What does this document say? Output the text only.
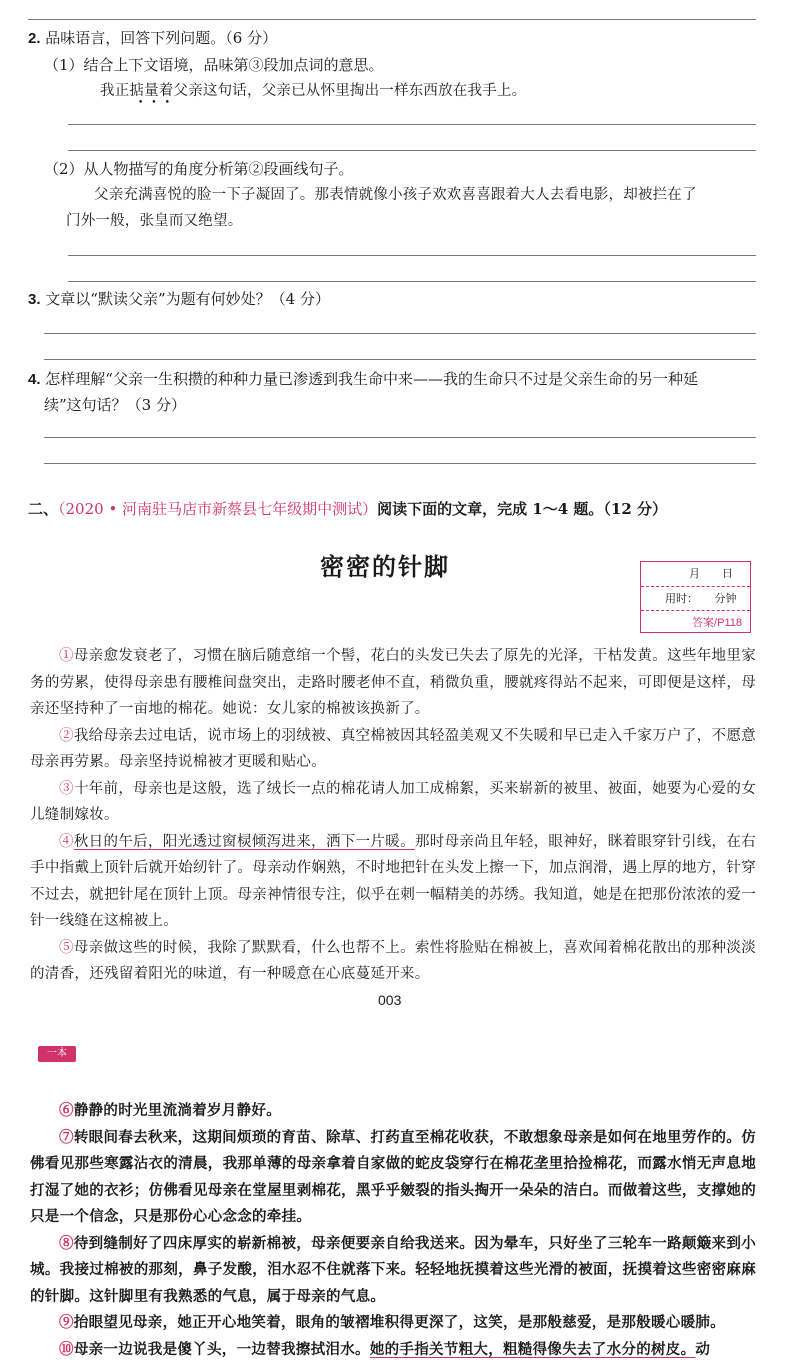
2. 品味语言，回答下列问题。（6 分）
（1）结合上下文语境，品味第③段加点词的意思。
我正掂量着父亲这句话，父亲已从怀里掏出一样东西放在我手上。
•••
（2）从人物描写的角度分析第②段画线句子。
父亲充满喜悦的脸一下子凝固了。那表情就像小孩子欢欢喜喜跟着大人去看电影，却被拦在了
门外一般，张皇而又绝望。
3. 文章以“默读父亲”为题有何妙处？（4 分）
4. 怎样理解“父亲一生积攒的种种力量已渗透到我生命中来——我的生命只不过是父亲生命的另一种延
续”这句话？（3 分）
二、（2020 • 河南驻马店市新蔡县七年级期中测试）阅读下面的文章，完成 1～4 题。（12 分）
密密的针脚	月　　日
用时：　　分钟
答案/P118
①母亲愈发衰老了，习惯在脑后随意绾一个髻，花白的头发已失去了原先的光泽，干枯发黄。这些年地里家务的劳累，使得母亲患有腰椎间盘突出，走路时腰老伸不直，稍微负重，腰就疼得站不起来，可即便是这样，母亲还坚持种了一亩地的棉花。她说：女儿家的棉被该换新了。
②我给母亲去过电话，说市场上的羽绒被、真空棉被因其轻盈美观又不失暖和早已走入千家万户了，不愿意母亲再劳累。母亲坚持说棉被才更暖和贴心。
③十年前，母亲也是这般，选了绒长一点的棉花请人加工成棉絮，买来崭新的被里、被面，她要为心爱的女儿缝制嫁妆。
④秋日的午后，阳光透过窗棂倾泻进来，洒下一片暖。那时母亲尚且年轻，眼神好，眯着眼穿针引线，在右手中指戴上顶针后就开始纫针了。母亲动作娴熟，不时地把针在头发上擦一下，加点润滑，遇上厚的地方，针穿不过去，就把针尾在顶针上顶。母亲神情很专注，似乎在刺一幅精美的苏绣。我知道，她是在把那份浓浓的爱一针一线缝在这棉被上。
⑤母亲做这些的时候，我除了默默看，什么也帮不上。索性将脸贴在棉被上，喜欢闻着棉花散出的那种淡淡的清香，还残留着阳光的味道，有一种暖意在心底蔓延开来。
003
一本
⑥静静的时光里流淌着岁月静好。
⑦转眼间春去秋来，这期间烦琐的育苗、除草、打药直至棉花收获，不敢想象母亲是如何在地里劳作的。仿佛看见那些寒露沾衣的清晨，我那单薄的母亲拿着自家做的蛇皮袋穿行在棉花垄里拾捡棉花，而露水悄无声息地打湿了她的衣衫；仿佛看见母亲在堂屋里剥棉花，黑乎乎皴裂的指头掏开一朵朵的洁白。而做着这些，支撑她的只是一个信念，只是那份心心念念的牵挂。
⑧待到缝制好了四床厚实的崭新棉被，母亲便要亲自给我送来。因为晕车，只好坐了三轮车一路颠簸来到小城。我接过棉被的那刻，鼻子发酸，泪水忍不住就落下来。轻轻地抚摸着这些光滑的被面，抚摸着这些密密麻麻的针脚。这针脚里有我熟悉的气息，属于母亲的气息。
⑨抬眼望见母亲，她正开心地笑着，眼角的皱褶堆积得更深了，这笑，是那般慈爱，是那般暖心暖肺。
⑩母亲一边说我是傻丫头，一边替我擦拭泪水。她的手指关节粗大，粗糙得像失去了水分的树皮。动
